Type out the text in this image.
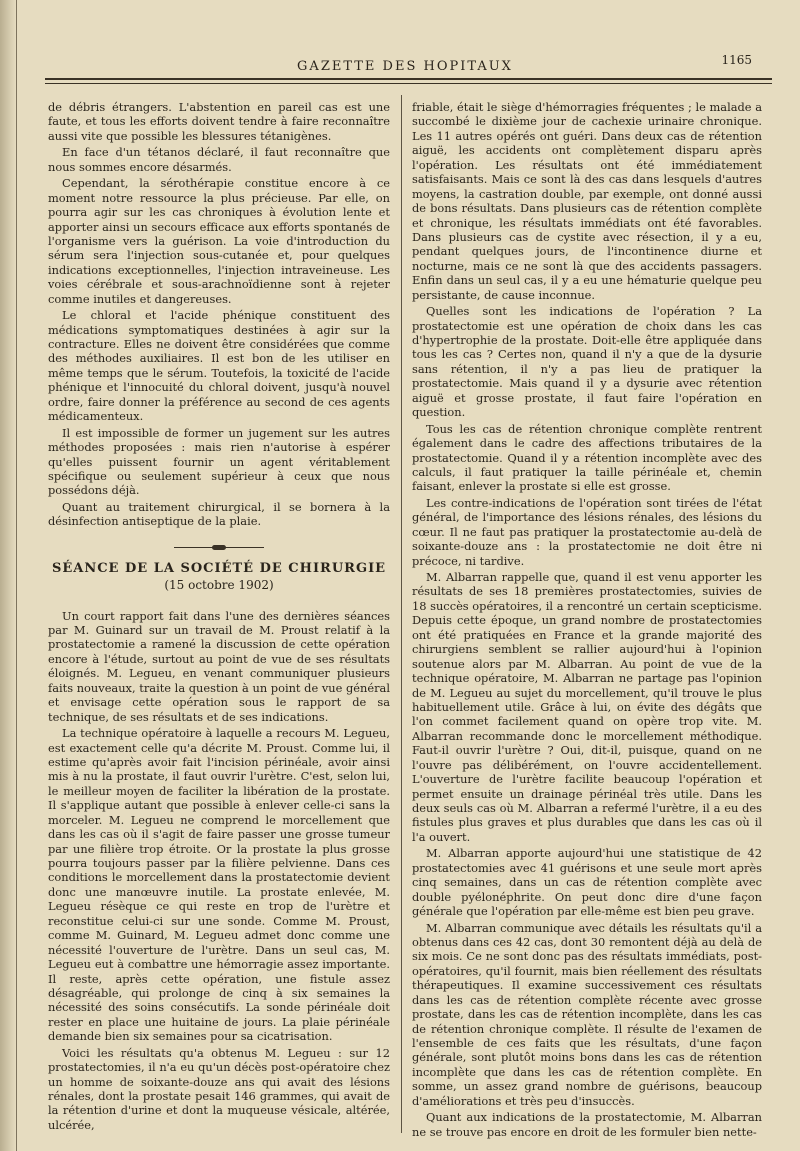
GAZETTE DES HOPITAUX	1165

de débris étrangers. L'abstention en pareil cas est une faute, et tous les efforts doivent tendre à faire reconnaître aussi vite que possible les blessures tétanigènes.

En face d'un tétanos déclaré, il faut reconnaître que nous sommes encore désarmés.

Cependant, la sérothérapie constitue encore à ce moment notre ressource la plus précieuse. Par elle, on pourra agir sur les cas chroniques à évolution lente et apporter ainsi un secours efficace aux efforts spontanés de l'organisme vers la guérison. La voie d'introduction du sérum sera l'injection sous-cutanée et, pour quelques indications exceptionnelles, l'injection intraveineuse. Les voies cérébrale et sous-arachnoïdienne sont à rejeter comme inutiles et dangereuses.

Le chloral et l'acide phénique constituent des médications symptomatiques destinées à agir sur la contracture. Elles ne doivent être considérées que comme des méthodes auxiliaires. Il est bon de les utiliser en même temps que le sérum. Toutefois, la toxicité de l'acide phénique et l'innocuité du chloral doivent, jusqu'à nouvel ordre, faire donner la préférence au second de ces agents médicamenteux.

Il est impossible de former un jugement sur les autres méthodes proposées : mais rien n'autorise à espérer qu'elles puissent fournir un agent véritablement spécifique ou seulement supérieur à ceux que nous possédons déjà.

Quant au traitement chirurgical, il se bornera à la désinfection antiseptique de la plaie.

SÉANCE DE LA SOCIÉTÉ DE CHIRURGIE
(15 octobre 1902)

Un court rapport fait dans l'une des dernières séances par M. Guinard sur un travail de M. Proust relatif à la prostatectomie a ramené la discussion de cette opération encore à l'étude, surtout au point de vue de ses résultats éloignés. M. Legueu, en venant communiquer plusieurs faits nouveaux, traite la question à un point de vue général et envisage cette opération sous le rapport de sa technique, de ses résultats et de ses indications.

La technique opératoire à laquelle a recours M. Legueu, est exactement celle qu'a décrite M. Proust. Comme lui, il estime qu'après avoir fait l'incision périnéale, avoir ainsi mis à nu la prostate, il faut ouvrir l'urètre. C'est, selon lui, le meilleur moyen de faciliter la libération de la prostate. Il s'applique autant que possible à enlever celle-ci sans la morceler. M. Legueu ne comprend le morcellement que dans les cas où il s'agit de faire passer une grosse tumeur par une filière trop étroite. Or la prostate la plus grosse pourra toujours passer par la filière pelvienne. Dans ces conditions le morcellement dans la prostatectomie devient donc une manœuvre inutile. La prostate enlevée, M. Legueu résèque ce qui reste en trop de l'urètre et reconstitue celui-ci sur une sonde. Comme M. Proust, comme M. Guinard, M. Legueu admet donc comme une nécessité l'ouverture de l'urètre. Dans un seul cas, M. Legueu eut à combattre une hémorragie assez importante. Il reste, après cette opération, une fistule assez désagréable, qui prolonge de cinq à six semaines la nécessité des soins consécutifs. La sonde périnéale doit rester en place une huitaine de jours. La plaie périnéale demande bien six semaines pour sa cicatrisation.

Voici les résultats qu'a obtenus M. Legueu : sur 12 prostatectomies, il n'a eu qu'un décès post-opératoire chez un homme de soixante-douze ans qui avait des lésions rénales, dont la prostate pesait 146 grammes, qui avait de la rétention d'urine et dont la muqueuse vésicale, altérée, ulcérée,

friable, était le siège d'hémorragies fréquentes ; le malade a succombé le dixième jour de cachexie urinaire chronique. Les 11 autres opérés ont guéri. Dans deux cas de rétention aiguë, les accidents ont complètement disparu après l'opération. Les résultats ont été immédiatement satisfaisants. Mais ce sont là des cas dans lesquels d'autres moyens, la castration double, par exemple, ont donné aussi de bons résultats. Dans plusieurs cas de rétention complète et chronique, les résultats immédiats ont été favorables. Dans plusieurs cas de cystite avec résection, il y a eu, pendant quelques jours, de l'incontinence diurne et nocturne, mais ce ne sont là que des accidents passagers. Enfin dans un seul cas, il y a eu une hématurie quelque peu persistante, de cause inconnue.

Quelles sont les indications de l'opération ? La prostatectomie est une opération de choix dans les cas d'hypertrophie de la prostate. Doit-elle être appliquée dans tous les cas ? Certes non, quand il n'y a que de la dysurie sans rétention, il n'y a pas lieu de pratiquer la prostatectomie. Mais quand il y a dysurie avec rétention aiguë et grosse prostate, il faut faire l'opération en question.

Tous les cas de rétention chronique complète rentrent également dans le cadre des affections tributaires de la prostatectomie. Quand il y a rétention incomplète avec des calculs, il faut pratiquer la taille périnéale et, chemin faisant, enlever la prostate si elle est grosse.

Les contre-indications de l'opération sont tirées de l'état général, de l'importance des lésions rénales, des lésions du cœur. Il ne faut pas pratiquer la prostatectomie au-delà de soixante-douze ans : la prostatectomie ne doit être ni précoce, ni tardive.

M. Albarran rappelle que, quand il est venu apporter les résultats de ses 18 premières prostatectomies, suivies de 18 succès opératoires, il a rencontré un certain scepticisme. Depuis cette époque, un grand nombre de prostatectomies ont été pratiquées en France et la grande majorité des chirurgiens semblent se rallier aujourd'hui à l'opinion soutenue alors par M. Albarran. Au point de vue de la technique opératoire, M. Albarran ne partage pas l'opinion de M. Legueu au sujet du morcellement, qu'il trouve le plus habituellement utile. Grâce à lui, on évite des dégâts que l'on commet facilement quand on opère trop vite. M. Albarran recommande donc le morcellement méthodique. Faut-il ouvrir l'urètre ? Oui, dit-il, puisque, quand on ne l'ouvre pas délibérément, on l'ouvre accidentellement. L'ouverture de l'urètre facilite beaucoup l'opération et permet ensuite un drainage périnéal très utile. Dans les deux seuls cas où M. Albarran a refermé l'urètre, il a eu des fistules plus graves et plus durables que dans les cas où il l'a ouvert.

M. Albarran apporte aujourd'hui une statistique de 42 prostatectomies avec 41 guérisons et une seule mort après cinq semaines, dans un cas de rétention complète avec double pyélonéphrite. On peut donc dire d'une façon générale que l'opération par elle-même est bien peu grave.

M. Albarran communique avec détails les résultats qu'il a obtenus dans ces 42 cas, dont 30 remontent déjà au delà de six mois. Ce ne sont donc pas des résultats immédiats, post-opératoires, qu'il fournit, mais bien réellement des résultats thérapeutiques. Il examine successivement ces résultats dans les cas de rétention complète récente avec grosse prostate, dans les cas de rétention incomplète, dans les cas de rétention chronique complète. Il résulte de l'examen de l'ensemble de ces faits que les résultats, d'une façon générale, sont plutôt moins bons dans les cas de rétention incomplète que dans les cas de rétention complète. En somme, un assez grand nombre de guérisons, beaucoup d'améliorations et très peu d'insuccès.

Quant aux indications de la prostatectomie, M. Albarran ne se trouve pas encore en droit de les formuler bien nette-
